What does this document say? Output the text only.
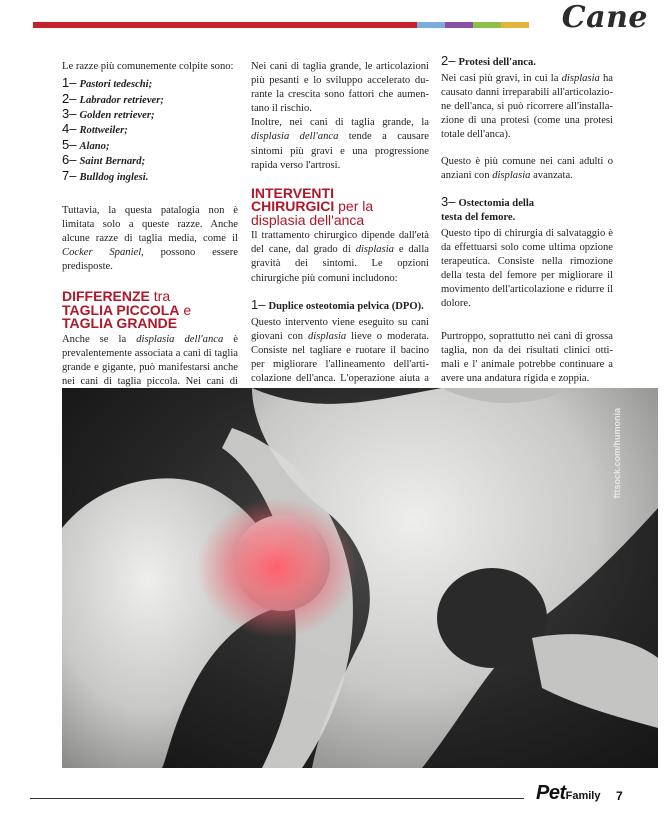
Cane

Le razze più comunemente colpite sono:

1– Pastori tedeschi;
2– Labrador retriever;
3– Golden retriever;
4– Rottweiler;
5– Alano;
6– Saint Bernard;
7– Bulldog inglesi.

Tuttavia, la questa patalogia non è limitata solo a queste razze. Anche alcune razze di taglia media, come il Cocker Spaniel, possono essere predisposte.

DIFFERENZE tra
TAGLIA PICCOLA e
TAGLIA GRANDE

Anche se la displasia dell'anca è prevalentemente associata a cani di taglia grande e gigante, può manifestarsi anche nei cani di taglia piccola. Nei cani di

Nei cani di taglia grande, le articolazioni più pesanti e lo sviluppo accelerato durante la crescita sono fattori che aumentano il rischio.

Inoltre, nei cani di taglia grande, la displasia dell'anca tende a causare sintomi più gravi e una progressione rapida verso l'artrosi.

INTERVENTI
CHIRURGICI per la
displasia dell'anca

Il trattamento chirurgico dipende dall'età del cane, dal grado di displasia e dalla gravità dei sintomi. Le opzioni chirurgiche più comuni includono:

1– Duplice osteotomia pelvica (DPO).

Questo intervento viene eseguito su cani giovani con displasia lieve o moderata. Consiste nel tagliare e ruotare il bacino per migliorare l'allineamento dell'articolazione dell'anca. L'operazione aiuta a

2– Protesi dell'anca.

Nei casi più gravi, in cui la displasia ha causato danni irreparabili all'articolazione dell'anca, si può ricorrere all'installazione di una protesi (come una protesi totale dell'anca).

Questo è più comune nei cani adulti o anziani con displasia avanzata.

3– Ostectomia della
testa del femore.

Questo tipo di chirurgia di salvataggio è da effettuarsi solo come ultima opzione terapeutica. Consiste nella rimozione della testa del femore per migliorare il movimento dell'articolazione e ridurre il dolore.

Purtroppo, soprattutto nei cani di grossa taglia, non da dei risultati clinici ottimali e l' animale potrebbe continuare a avere una andatura rigida e zoppia.

fttsock.com/humonia
PetFamily 7
